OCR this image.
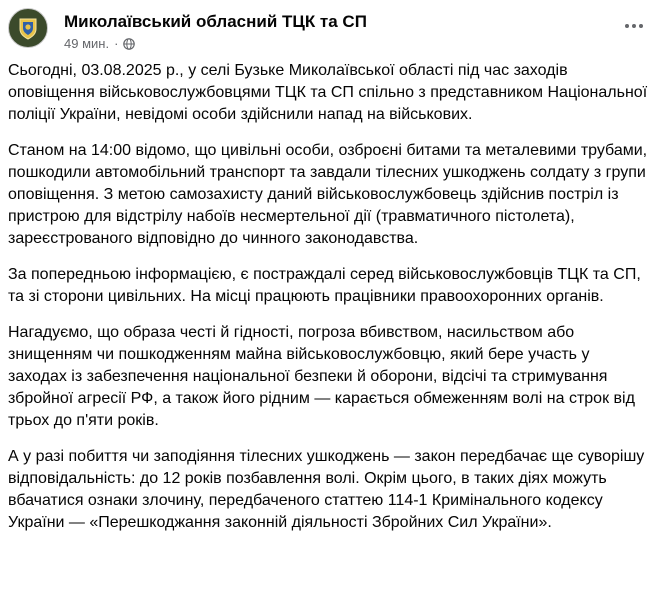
Миколаївський обласний ТЦК та СП
49 мин. ·

Сьогодні, 03.08.2025 р., у селі Бузьке Миколаївської області під час заходів оповіщення військовослужбовцями ТЦК та СП спільно з представником Національної поліції України, невідомі особи здійснили напад на військових.

Станом на 14:00 відомо, що цивільні особи, озброєні битами та металевими трубами, пошкодили автомобільний транспорт та завдали тілесних ушкоджень солдату з групи оповіщення. З метою самозахисту даний військовослужбовець здійснив постріл із пристрою для відстрілу набоїв несмертельної дії (травматичного пістолета), зареєстрованого відповідно до чинного законодавства.

За попередньою інформацією, є постраждалі серед військовослужбовців ТЦК та СП, та зі сторони цивільних. На місці працюють працівники правоохоронних органів.

Нагадуємо, що образа честі й гідності, погроза вбивством, насильством або знищенням чи пошкодженням майна військовослужбовцю, який бере участь у заходах із забезпечення національної безпеки й оборони, відсічі та стримування збройної агресії РФ, а також його рідним — карається обмеженням волі на строк від трьох до п'яти років.

А у разі побиття чи заподіяння тілесних ушкоджень — закон передбачає ще суворішу відповідальність: до 12 років позбавлення волі. Окрім цього, в таких діях можуть вбачатися ознаки злочину, передбаченого статтею 114-1 Кримінального кодексу України — «Перешкоджання законній діяльності Збройних Сил України».
